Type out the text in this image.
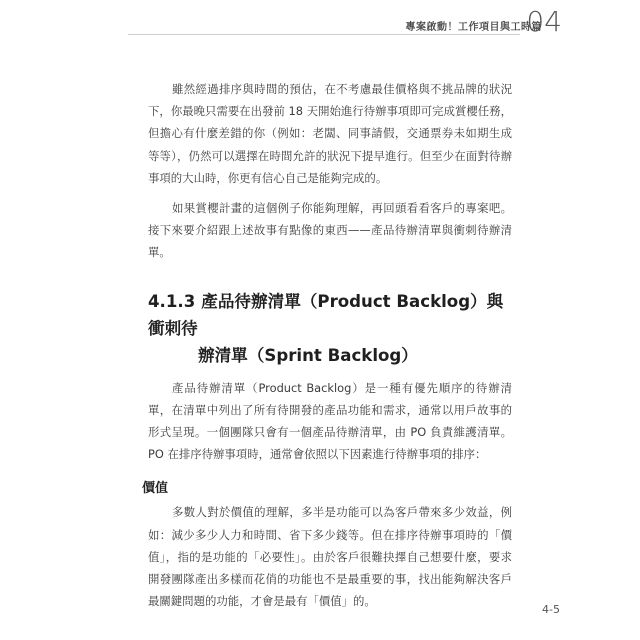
專案啟動！工作項目與工時篇
04

雖然經過排序與時間的預估，在不考慮最佳價格與不挑品牌的狀況下，你最晚只需要在出發前 18 天開始進行待辦事項即可完成賞櫻任務，但擔心有什麼差錯的你（例如：老闆、同事請假，交通票券未如期生成等等），仍然可以選擇在時間允許的狀況下提早進行。但至少在面對待辦事項的大山時，你更有信心自己是能夠完成的。

如果賞櫻計畫的這個例子你能夠理解，再回頭看看客戶的專案吧。接下來要介紹跟上述故事有點像的東西——產品待辦清單與衝刺待辦清單。

4.1.3 產品待辦清單（Product Backlog）與衝刺待
辦清單（Sprint Backlog）

產品待辦清單（Product Backlog）是一種有優先順序的待辦清單，在清單中列出了所有待開發的產品功能和需求，通常以用戶故事的形式呈現。一個團隊只會有一個產品待辦清單，由 PO 負責維護清單。PO 在排序待辦事項時，通常會依照以下因素進行待辦事項的排序：

價值

多數人對於價值的理解，多半是功能可以為客戶帶來多少效益，例如：減少多少人力和時間、省下多少錢等。但在排序待辦事項時的「價值」，指的是功能的「必要性」。由於客戶很難抉擇自己想要什麼，要求開發團隊產出多樣而花俏的功能也不是最重要的事，找出能夠解決客戶最關鍵問題的功能，才會是最有「價值」的。

4-5
